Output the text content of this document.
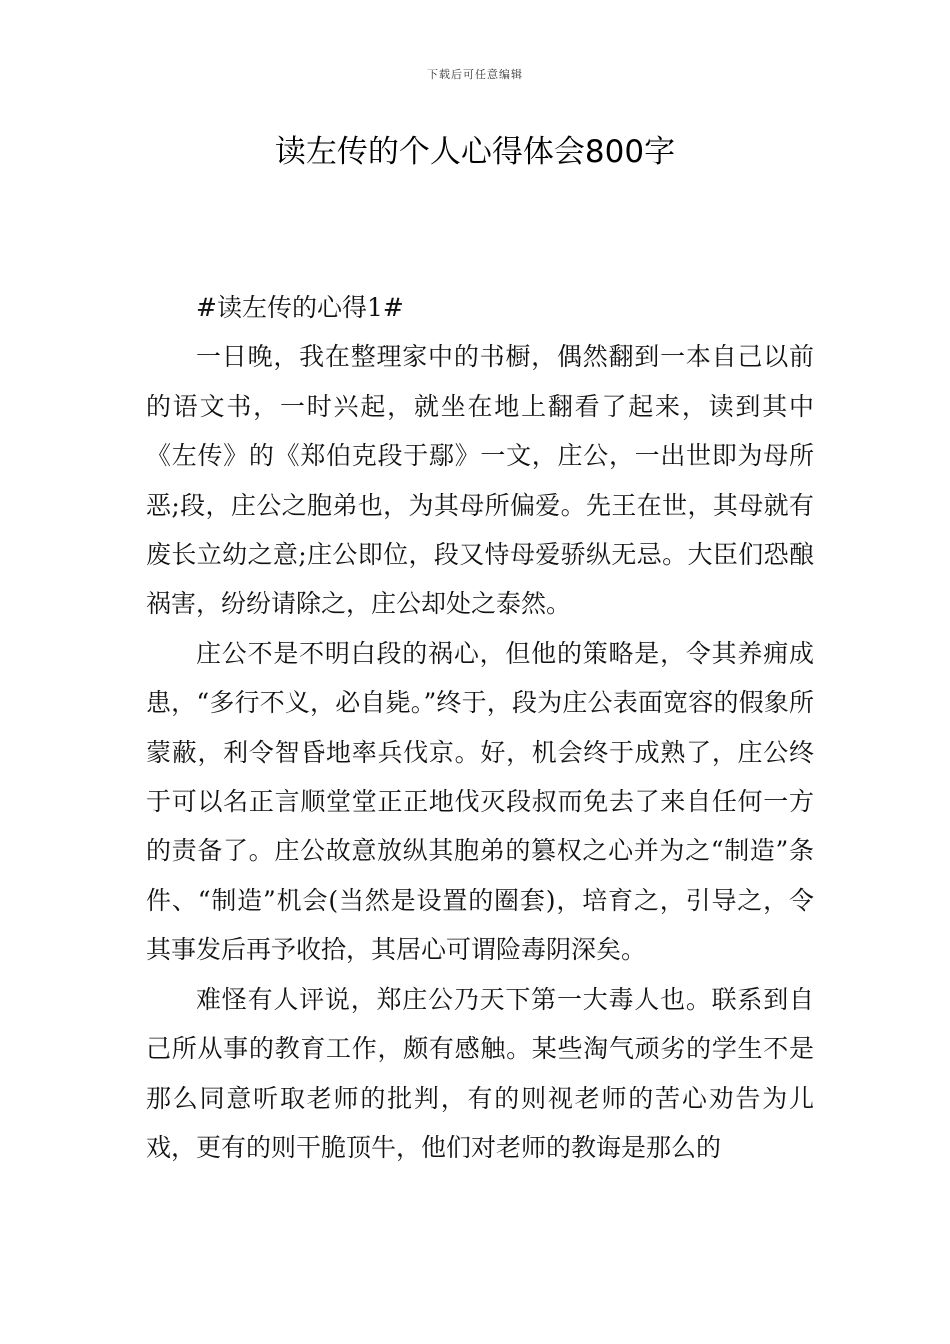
下载后可任意编辑
读左传的个人心得体会800字

#读左传的心得1#

一日晚，我在整理家中的书橱，偶然翻到一本自己以前的语文书，一时兴起，就坐在地上翻看了起来，读到其中《左传》的《郑伯克段于鄢》一文，庄公，一出世即为母所恶;段，庄公之胞弟也，为其母所偏爱。先王在世，其母就有废长立幼之意;庄公即位，段又恃母爱骄纵无忌。大臣们恐酿祸害，纷纷请除之，庄公却处之泰然。

庄公不是不明白段的祸心，但他的策略是，令其养痈成患，“多行不义，必自毙。”终于，段为庄公表面宽容的假象所蒙蔽，利令智昏地率兵伐京。好，机会终于成熟了，庄公终于可以名正言顺堂堂正正地伐灭段叔而免去了来自任何一方的责备了。庄公故意放纵其胞弟的篡权之心并为之“制造”条件、“制造”机会(当然是设置的圈套)，培育之，引导之，令其事发后再予收拾，其居心可谓险毒阴深矣。

难怪有人评说，郑庄公乃天下第一大毒人也。联系到自己所从事的教育工作，颇有感触。某些淘气顽劣的学生不是那么同意听取老师的批判，有的则视老师的苦心劝告为儿戏，更有的则干脆顶牛，他们对老师的教诲是那么的
